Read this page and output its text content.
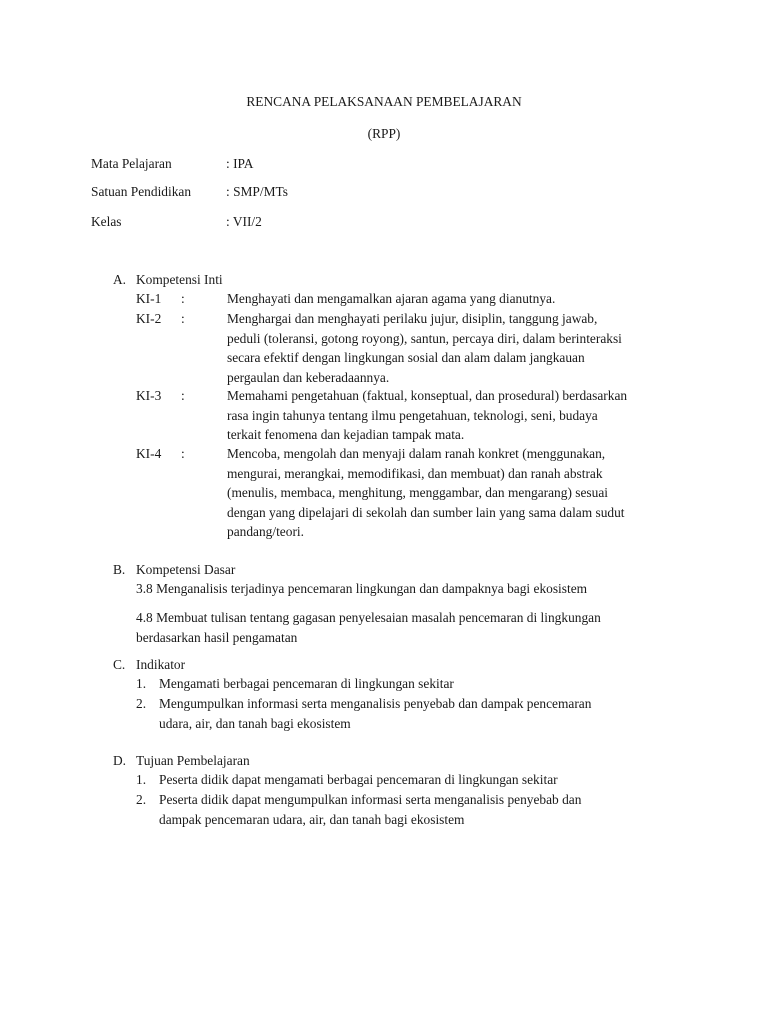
RENCANA PELAKSANAAN PEMBELAJARAN
(RPP)
Mata Pelajaran	: IPA
Satuan Pendidikan	: SMP/MTs
Kelas	: VII/2
A. Kompetensi Inti
KI-1 :	Menghayati dan mengamalkan ajaran agama yang dianutnya.
KI-2 :	Menghargai dan menghayati perilaku jujur, disiplin, tanggung jawab,
peduli (toleransi, gotong royong), santun, percaya diri, dalam berinteraksi
secara efektif dengan lingkungan sosial dan alam dalam jangkauan
pergaulan dan keberadaannya.
KI-3 :	Memahami pengetahuan (faktual, konseptual, dan prosedural) berdasarkan
rasa ingin tahunya tentang ilmu pengetahuan, teknologi, seni, budaya
terkait fenomena dan kejadian tampak mata.
KI-4 :	Mencoba, mengolah dan menyaji dalam ranah konkret (menggunakan,
mengurai, merangkai, memodifikasi, dan membuat) dan ranah abstrak
(menulis, membaca, menghitung, menggambar, dan mengarang) sesuai
dengan yang dipelajari di sekolah dan sumber lain yang sama dalam sudut
pandang/teori.
B. Kompetensi Dasar
3.8 Menganalisis terjadinya pencemaran lingkungan dan dampaknya bagi ekosistem
4.8 Membuat tulisan tentang gagasan penyelesaian masalah pencemaran di lingkungan
berdasarkan hasil pengamatan
C. Indikator
1. Mengamati berbagai pencemaran di lingkungan sekitar
2. Mengumpulkan informasi serta menganalisis penyebab dan dampak pencemaran
udara, air, dan tanah bagi ekosistem
D. Tujuan Pembelajaran
1. Peserta didik dapat mengamati berbagai pencemaran di lingkungan sekitar
2. Peserta didik dapat mengumpulkan informasi serta menganalisis penyebab dan
dampak pencemaran udara, air, dan tanah bagi ekosistem
